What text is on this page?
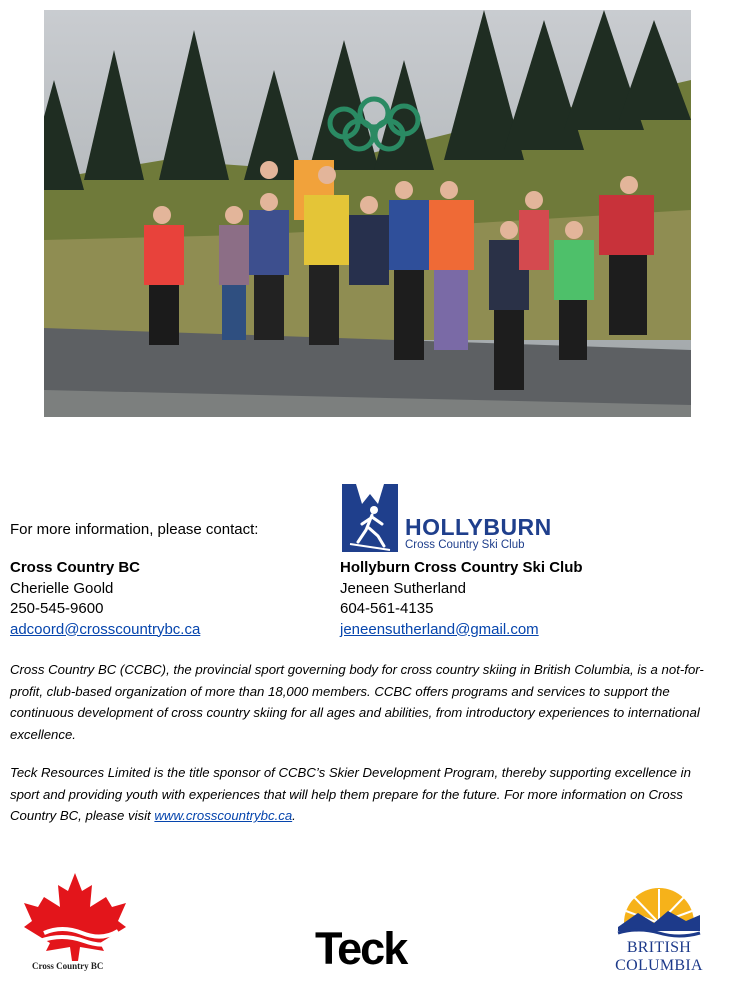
For more information, please contact:	HOLLYBURN
Cross Country Ski Club
Cross Country BC
Cherielle Goold
250-545-9600
adcoord@crosscountrybc.ca
Hollyburn Cross Country Ski Club
Jeneen Sutherland
604-561-4135
jeneensutherland@gmail.com
Cross Country BC (CCBC), the provincial sport governing body for cross country skiing in British Columbia, is a not-for-profit, club-based organization of more than 18,000 members. CCBC offers programs and services to support the continuous development of cross country skiing for all ages and abilities, from introductory experiences to international excellence.
Teck Resources Limited is the title sponsor of CCBC’s Skier Development Program, thereby supporting excellence in sport and providing youth with experiences that will help them prepare for the future. For more information on Cross Country BC, please visit www.crosscountrybc.ca.
Cross Country BC	Teck	BRITISH
COLUMBIA
